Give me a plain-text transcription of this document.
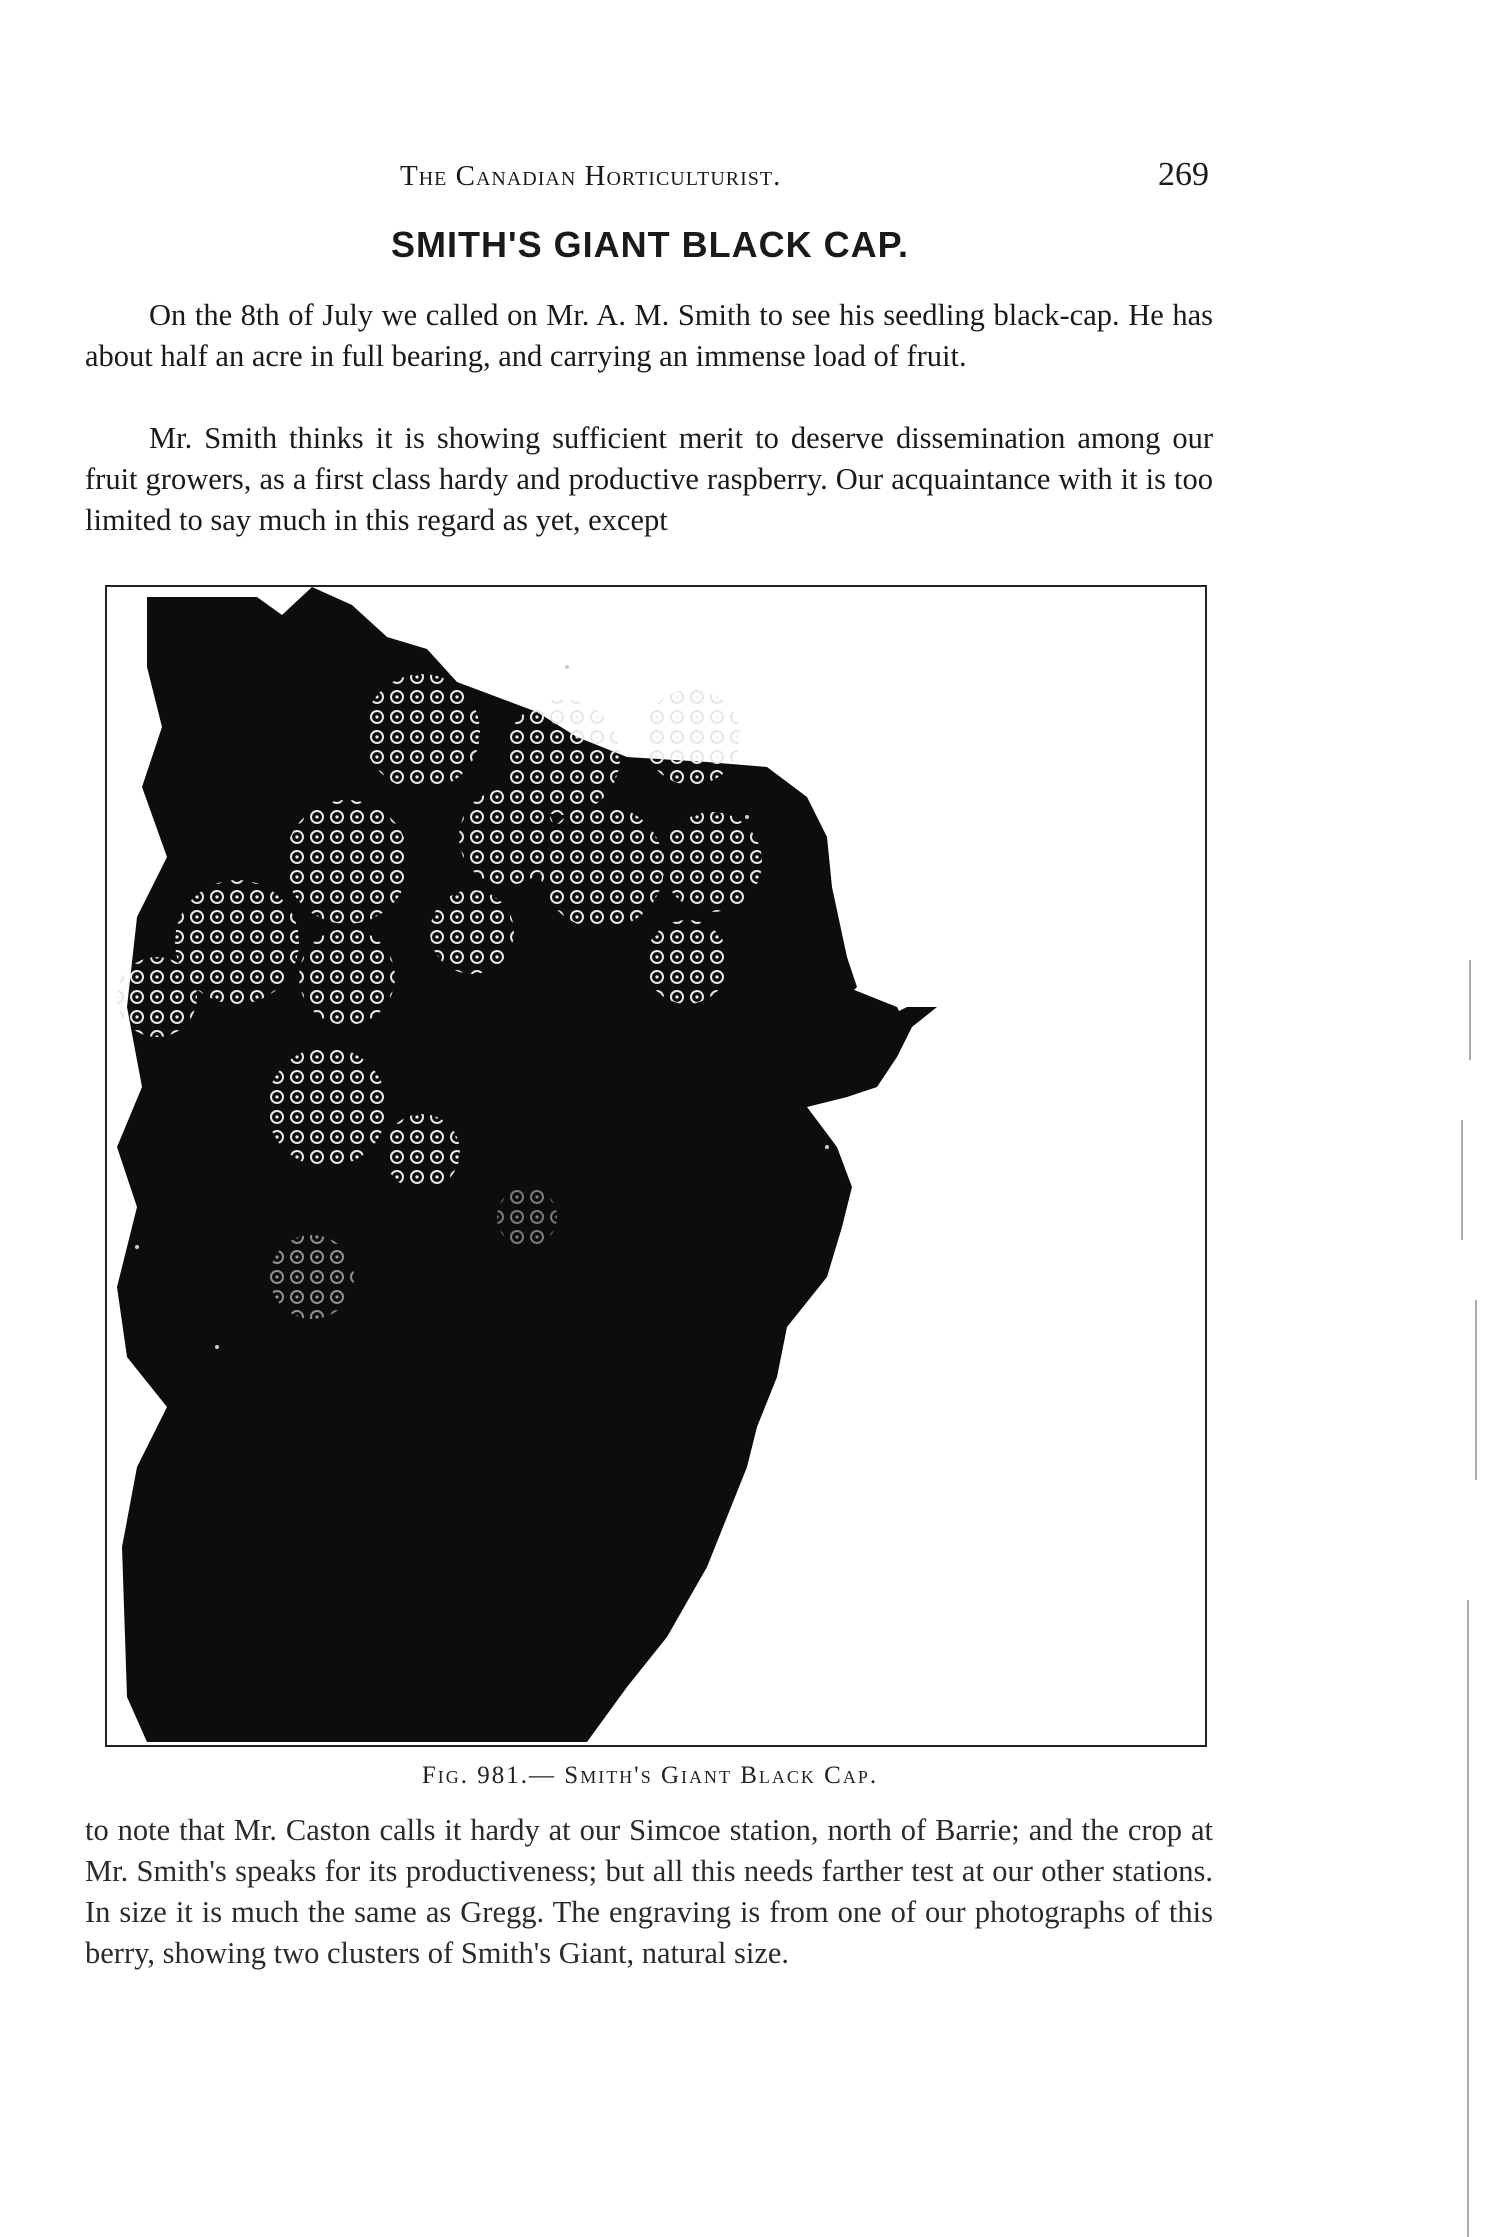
The Canadian Horticulturist.	269
SMITH'S GIANT BLACK CAP.

On the 8th of July we called on Mr. A. M. Smith to see his seedling black-cap. He has about half an acre in full bearing, and carrying an immense load of fruit.

Mr. Smith thinks it is showing sufficient merit to deserve dissemination among our fruit growers, as a first class hardy and productive raspberry. Our acquaintance with it is too limited to say much in this regard as yet, except

Fig. 981.— Smith's Giant Black Cap.

to note that Mr. Caston calls it hardy at our Simcoe station, north of Barrie; and the crop at Mr. Smith's speaks for its productiveness; but all this needs farther test at our other stations. In size it is much the same as Gregg. The engraving is from one of our photographs of this berry, showing two clusters of Smith's Giant, natural size.
